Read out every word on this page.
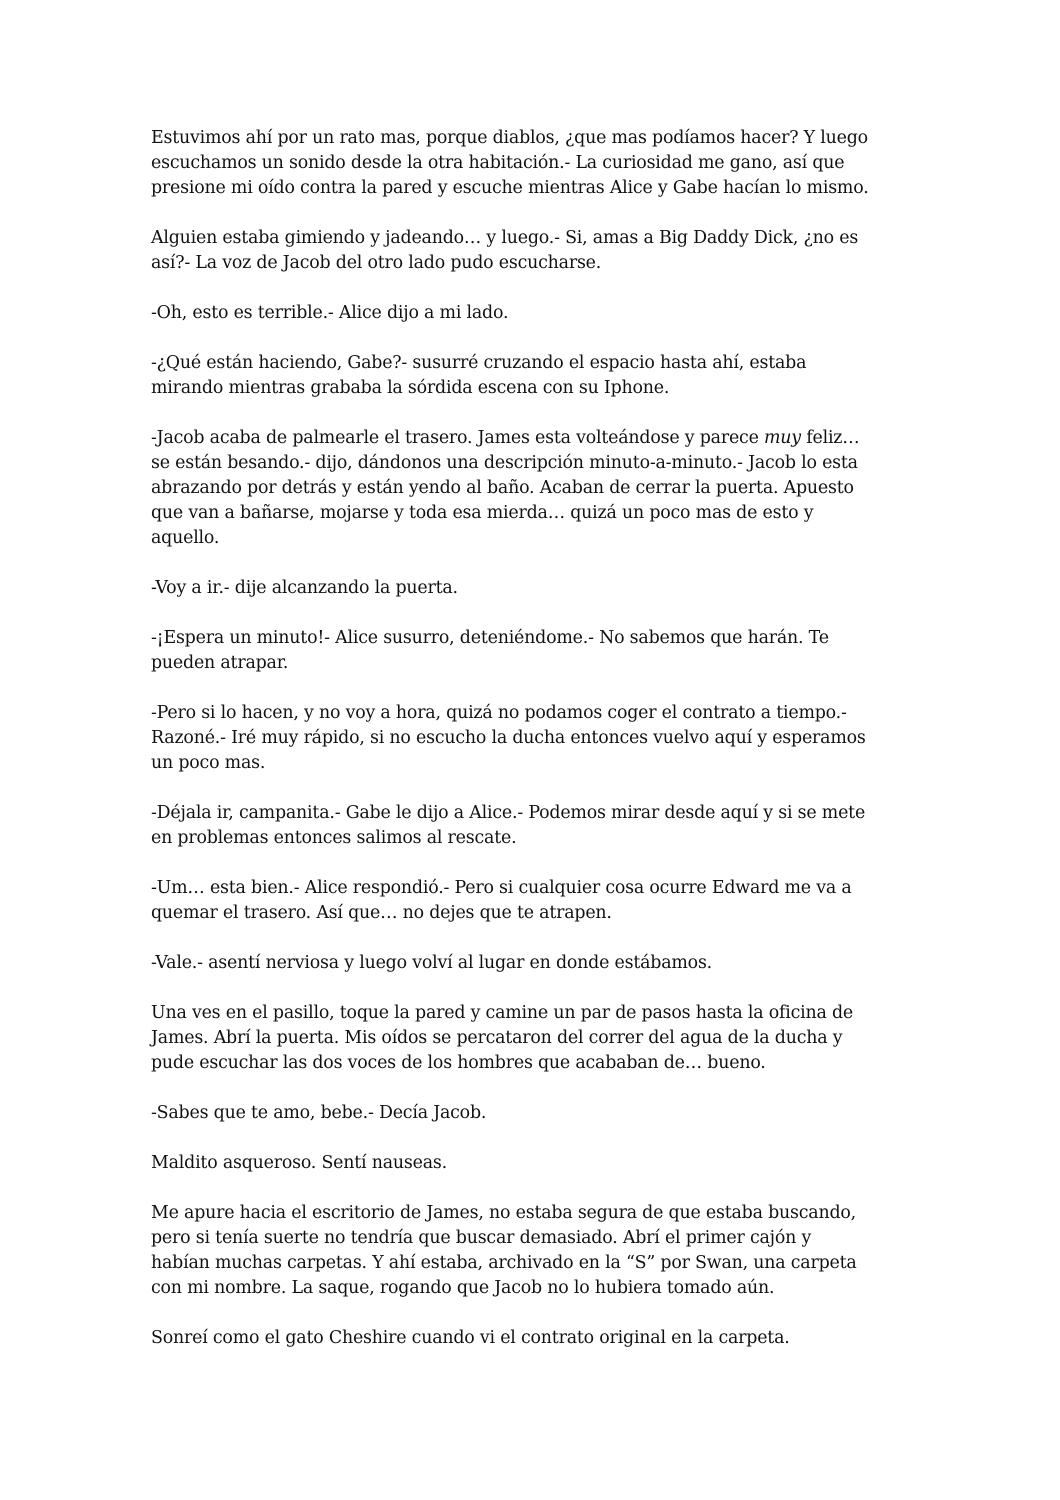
Estuvimos ahí por un rato mas, porque diablos, ¿que mas podíamos hacer? Y luego
escuchamos un sonido desde la otra habitación.- La curiosidad me gano, así que
presione mi oído contra la pared y escuche mientras Alice y Gabe hacían lo mismo.

Alguien estaba gimiendo y jadeando… y luego.- Si, amas a Big Daddy Dick, ¿no es
así?- La voz de Jacob del otro lado pudo escucharse.

-Oh, esto es terrible.- Alice dijo a mi lado.

-¿Qué están haciendo, Gabe?- susurré cruzando el espacio hasta ahí, estaba
mirando mientras grababa la sórdida escena con su Iphone.

-Jacob acaba de palmearle el trasero. James esta volteándose y parece muy feliz…
se están besando.- dijo, dándonos una descripción minuto-a-minuto.- Jacob lo esta
abrazando por detrás y están yendo al baño. Acaban de cerrar la puerta. Apuesto
que van a bañarse, mojarse y toda esa mierda… quizá un poco mas de esto y
aquello.

-Voy a ir.- dije alcanzando la puerta.

-¡Espera un minuto!- Alice susurro, deteniéndome.- No sabemos que harán. Te
pueden atrapar.

-Pero si lo hacen, y no voy a hora, quizá no podamos coger el contrato a tiempo.-
Razoné.- Iré muy rápido, si no escucho la ducha entonces vuelvo aquí y esperamos
un poco mas.

-Déjala ir, campanita.- Gabe le dijo a Alice.- Podemos mirar desde aquí y si se mete
en problemas entonces salimos al rescate.

-Um… esta bien.- Alice respondió.- Pero si cualquier cosa ocurre Edward me va a
quemar el trasero. Así que… no dejes que te atrapen.

-Vale.- asentí nerviosa y luego volví al lugar en donde estábamos.

Una ves en el pasillo, toque la pared y camine un par de pasos hasta la oficina de
James. Abrí la puerta. Mis oídos se percataron del correr del agua de la ducha y
pude escuchar las dos voces de los hombres que acababan de… bueno.

-Sabes que te amo, bebe.- Decía Jacob.

Maldito asqueroso. Sentí nauseas.

Me apure hacia el escritorio de James, no estaba segura de que estaba buscando,
pero si tenía suerte no tendría que buscar demasiado. Abrí el primer cajón y
habían muchas carpetas. Y ahí estaba, archivado en la “S” por Swan, una carpeta
con mi nombre. La saque, rogando que Jacob no lo hubiera tomado aún.

Sonreí como el gato Cheshire cuando vi el contrato original en la carpeta.
